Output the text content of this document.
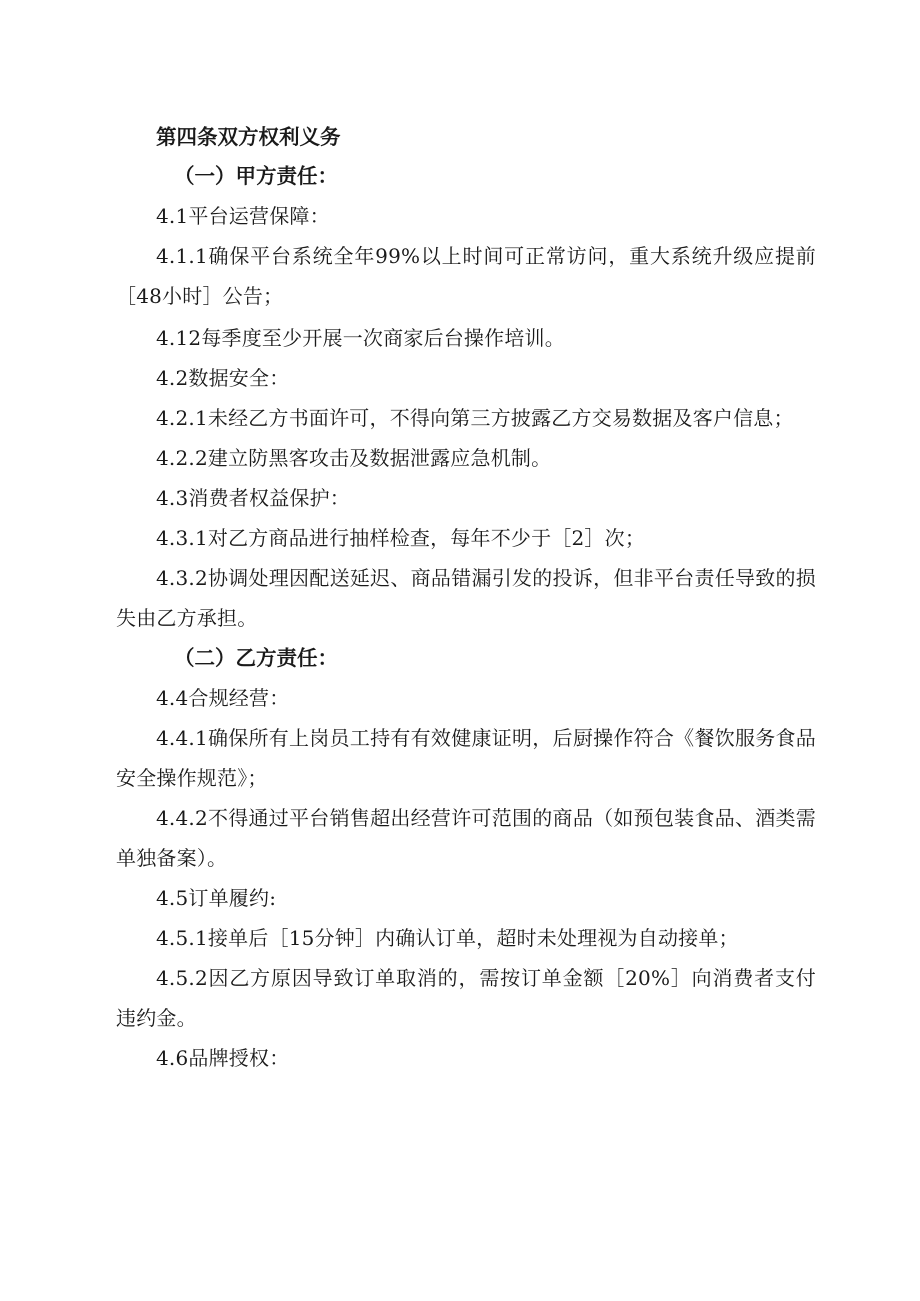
第四条双方权利义务

（一）甲方责任：

4.1平台运营保障：

4.1.1确保平台系统全年99%以上时间可正常访问，重大系统升级应提前［48小时］公告；

4.12每季度至少开展一次商家后台操作培训。

4.2数据安全：

4.2.1未经乙方书面许可，不得向第三方披露乙方交易数据及客户信息；

4.2.2建立防黑客攻击及数据泄露应急机制。

4.3消费者权益保护：

4.3.1对乙方商品进行抽样检查，每年不少于［2］次；

4.3.2协调处理因配送延迟、商品错漏引发的投诉，但非平台责任导致的损失由乙方承担。

（二）乙方责任：

4.4合规经营：

4.4.1确保所有上岗员工持有有效健康证明，后厨操作符合《餐饮服务食品安全操作规范》；

4.4.2不得通过平台销售超出经营许可范围的商品（如预包装食品、酒类需单独备案）。

4.5订单履约:

4.5.1接单后［15分钟］内确认订单，超时未处理视为自动接单；

4.5.2因乙方原因导致订单取消的，需按订单金额［20%］向消费者支付违约金。

4.6品牌授权：
